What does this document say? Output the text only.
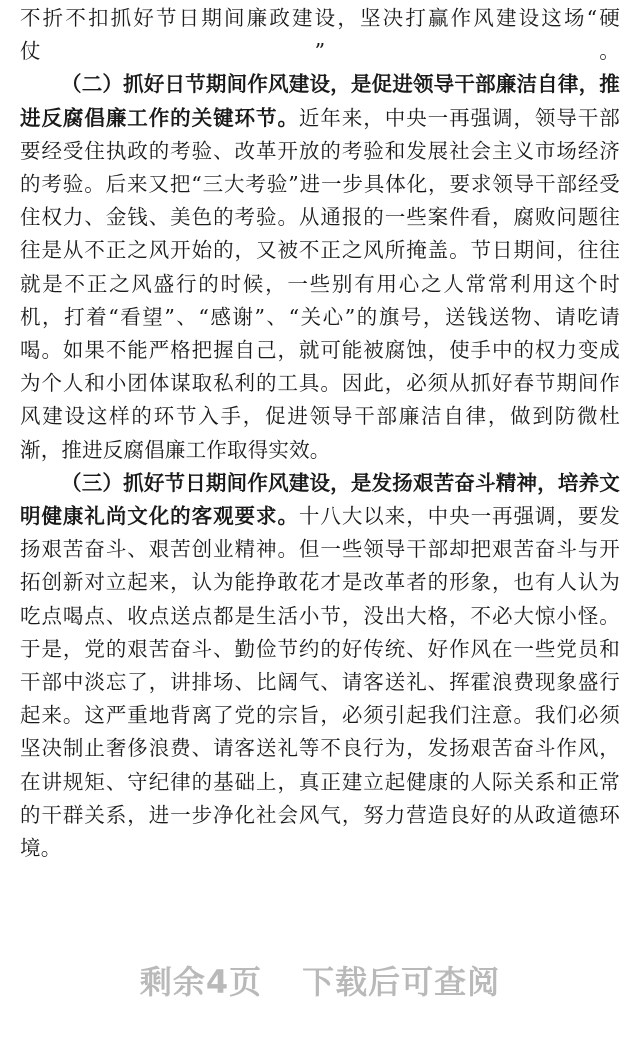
不折不扣抓好节日期间廉政建设，坚决打赢作风建设这场“硬仗”。

（二）抓好日节期间作风建设，是促进领导干部廉洁自律，推进反腐倡廉工作的关键环节。近年来，中央一再强调，领导干部要经受住执政的考验、改革开放的考验和发展社会主义市场经济的考验。后来又把“三大考验”进一步具体化，要求领导干部经受住权力、金钱、美色的考验。从通报的一些案件看，腐败问题往往是从不正之风开始的，又被不正之风所掩盖。节日期间，往往就是不正之风盛行的时候，一些别有用心之人常常利用这个时机，打着“看望”、“感谢”、“关心”的旗号，送钱送物、请吃请喝。如果不能严格把握自己，就可能被腐蚀，使手中的权力变成为个人和小团体谋取私利的工具。因此，必须从抓好春节期间作风建设这样的环节入手，促进领导干部廉洁自律，做到防微杜渐，推进反腐倡廉工作取得实效。

（三）抓好节日期间作风建设，是发扬艰苦奋斗精神，培养文明健康礼尚文化的客观要求。十八大以来，中央一再强调，要发扬艰苦奋斗、艰苦创业精神。但一些领导干部却把艰苦奋斗与开拓创新对立起来，认为能挣敢花才是改革者的形象，也有人认为吃点喝点、收点送点都是生活小节，没出大格，不必大惊小怪。于是，党的艰苦奋斗、勤俭节约的好传统、好作风在一些党员和干部中淡忘了，讲排场、比阔气、请客送礼、挥霍浪费现象盛行起来。这严重地背离了党的宗旨，必须引起我们注意。我们必须坚决制止奢侈浪费、请客送礼等不良行为，发扬艰苦奋斗作风，在讲规矩、守纪律的基础上，真正建立起健康的人际关系和正常的干群关系，进一步净化社会风气，努力营造良好的从政道德环境。

剩余4页 下载后可查阅
